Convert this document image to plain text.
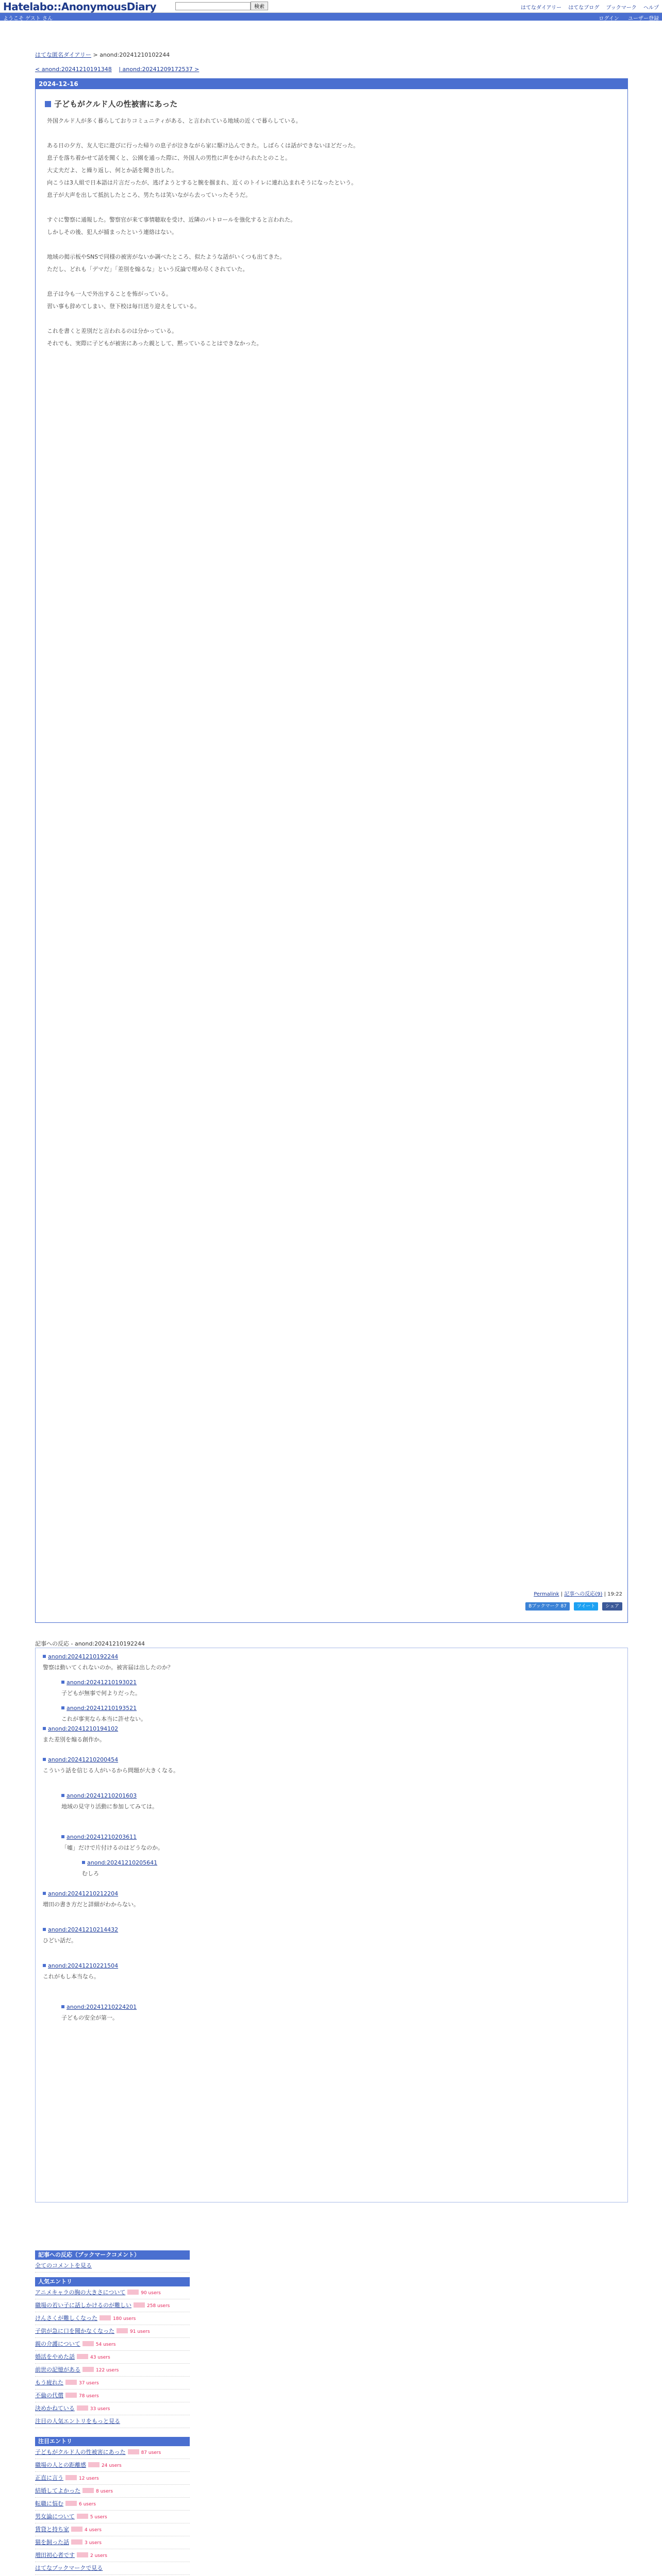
Hatelabo::AnonymousDiary	検索	はてなダイアリー はてなブログ ブックマーク ヘルプ
ようこそ ゲスト さん	ログイン ユーザー登録
はてな匿名ダイアリー > anond:20241210102244
< anond:20241210191348 | anond:20241209172537 >
2024-12-16
子どもがクルド人の性被害にあった

外国クルド人が多く暮らしておりコミュニティがある、と言われている地域の近くで暮らしている。

ある日の夕方、友人宅に遊びに行った帰りの息子が泣きながら家に駆け込んできた。しばらくは話ができないほどだった。

息子を落ち着かせて話を聞くと、公園を通った際に、外国人の男性に声をかけられたとのこと。

大丈夫だよ、と繰り返し、何とか話を聞き出した。

向こうは3人組で日本語は片言だったが、逃げようとすると腕を掴まれ、近くのトイレに連れ込まれそうになったという。

息子が大声を出して抵抗したところ、男たちは笑いながら去っていったそうだ。

すぐに警察に通報した。警察官が来て事情聴取を受け、近隣のパトロールを強化すると言われた。

しかしその後、犯人が捕まったという連絡はない。

地域の掲示板やSNSで同様の被害がないか調べたところ、似たような話がいくつも出てきた。

ただし、どれも「デマだ」「差別を煽るな」という反論で埋め尽くされていた。

息子は今も一人で外出することを怖がっている。

習い事も辞めてしまい、登下校は毎日送り迎えをしている。

これを書くと差別だと言われるのは分かっている。

それでも、実際に子どもが被害にあった親として、黙っていることはできなかった。

Permalink | 記事への反応(9) | 19:22
Bブックマーク 87 ツイート シェア
記事への反応 - anond:20241210192244
anond:20241210192244
警察は動いてくれないのか。被害届は出したのか？
anond:20241210193021
子どもが無事で何よりだった。
anond:20241210193521
これが事実なら本当に許せない。
anond:20241210194102
また差別を煽る創作か。
anond:20241210200454
こういう話を信じる人がいるから問題が大きくなる。
anond:20241210201603
地域の見守り活動に参加してみては。
anond:20241210203611
「嘘」だけで片付けるのはどうなのか。
anond:20241210205641
むしろ
anond:20241210212204
増田の書き方だと詳細がわからない。
anond:20241210214432
ひどい話だ。
anond:20241210221504
これがもし本当なら。
anond:20241210224201
子どもの安全が第一。
記事への反応（ブックマークコメント）
全てのコメントを見る
人気エントリ
アニメキャラの胸の大きさについて	90 users
職場の若い子に話しかけるのが難しい	258 users
けんさくが難しくなった	180 users
子供が急に口を聞かなくなった	91 users
親の介護について	54 users
婚活をやめた話	43 users
前世の記憶がある	122 users
もう疲れた	37 users
不倫の代償	78 users
決めかねている	33 users
注目の人気エントリをもっと見る
注目エントリ
子どもがクルド人の性被害にあった	87 users
職場の人との距離感	24 users
正直に言う	12 users
結婚してよかった	8 users
転職に悩む	6 users
男女論について	5 users
賃貸と持ち家	4 users
猫を飼った話	3 users
増田初心者です	2 users
はてなブックマークで見る
